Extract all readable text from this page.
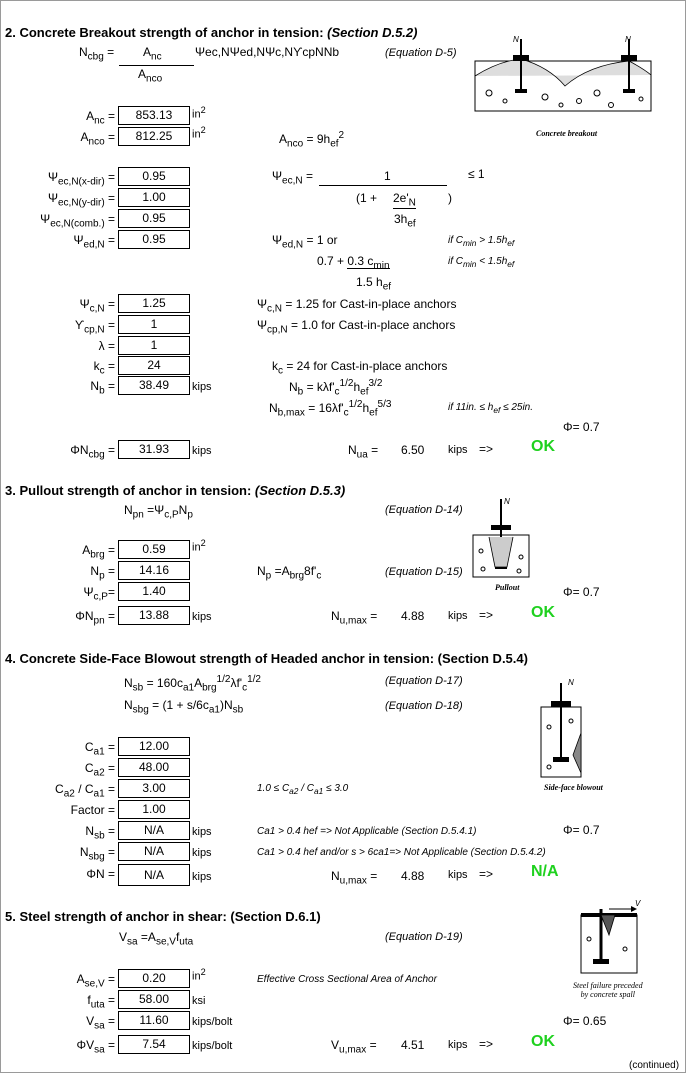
2. Concrete Breakout strength of anchor in tension: (Section D.5.2)
$N_{cbg} = A_{nc}$
$A_{nco}$
Ψec,NΨed,NΨc,NϒcpNNb	(Equation D-5)
N	N
Concrete breakout
$A_{nc}$ =	853.13	$in^2$
$A_{nco}$ =	812.25	$in^2$
$A_{nco} = 9h_{ef}^2$
$\Psi_{ec,N(x-dir)}$ =	0.95
$\Psi_{ec,N(y-dir)}$ =	1.00
$\Psi_{ec,N(comb.)}$ =	0.95
$\Psi_{ed,N}$ =	0.95
$\Psi_{ec,N}$ =	1	≤ 1
($1 + 2e'_N$	)
$3h_{ef}$
$\Psi_{ed,N} = 1$ or	if $C_{min} > 1.5h_{ef}$
0.7 + 0.3 $c_{min}$	if $C_{min} < 1.5h_{ef}$
1.5 $h_{ef}$
$\Psi_{c,N}$ =	1.25	$\Psi_{c,N} = 1.25$ for Cast-in-place anchors
$ϒ_{cp,N}$ =	1	$\Psi_{cp,N} = 1.0$ for Cast-in-place anchors
λ =	1
$k_c$ =	24	$k_c = 24$ for Cast-in-place anchors
$N_b$ =	38.49	kips	$N_b = k\lambda f'_c^{1/2}h_{ef}^{3/2}$
$N_{b,max} = 16\lambda f'_c^{1/2}h_{ef}^{5/3}$	if 11in. ≤ $h_{ef} \le 25in$.
Φ= 0.7
$\Phi N_{cbg}$ =	31.93	kips	$N_{ua} = 6.50$ kips => OK
3. Pullout strength of anchor in tension: (Section D.5.3)
$N_{pn} =\Psi_{c,P}N_p$	(Equation D-14)
N
Pullout
$A_{brg}$ =	0.59	$in^2$
$N_p$ =	14.16	$N_p =A_{brg}8f'_c$	(Equation D-15)
$\Psi_{c,P}=$	1.40	Φ= 0.7
$\Phi N_{pn}$ =	13.88	kips	$N_{u,max} = 4.88$ kips => OK
4. Concrete Side-Face Blowout strength of Headed anchor in tension: (Section D.5.4)
$N_{sb} = 160c_{a1}A_{brg}^{1/2}\lambda f'_c^{1/2}$	(Equation D-17)
$N_{sbg} = (1 + s/6c_{a1})N_{sb}$	(Equation D-18)
N
Side-face blowout
$C_{a1}$ =	12.00
$C_{a2}$ =	48.00
$C_{a2} / C_{a1}$ =	3.00	$1.0 \le C_{a2} / C_{a1} \le 3.0$
Factor =	1.00
$N_{sb}$ =	N/A	kips	Ca1 > 0.4 hef => Not Applicable (Section D.5.4.1)	Φ= 0.7
$N_{sbg}$ =	N/A	kips	Ca1 > 0.4 hef and/or s > 6ca1=> Not Applicable (Section D.5.4.2)
ΦN =	N/A	kips	$N_{u,max} = 4.88$ kips => N/A
5. Steel strength of anchor in shear: (Section D.6.1)
$V_{sa} =A_{se,V}f_{uta}$	(Equation D-19)
V
Steel failure preceded
by concrete spall
$A_{se,V}$ =	0.20	$in^2$
Effective Cross Sectional Area of Anchor
$f_{uta}$ =	58.00	ksi
$V_{sa}$ =	11.60	kips/bolt	Φ= 0.65
$\Phi V_{sa}$ =	7.54	kips/bolt	$V_{u,max} = 4.51$ kips => OK
(continued)
